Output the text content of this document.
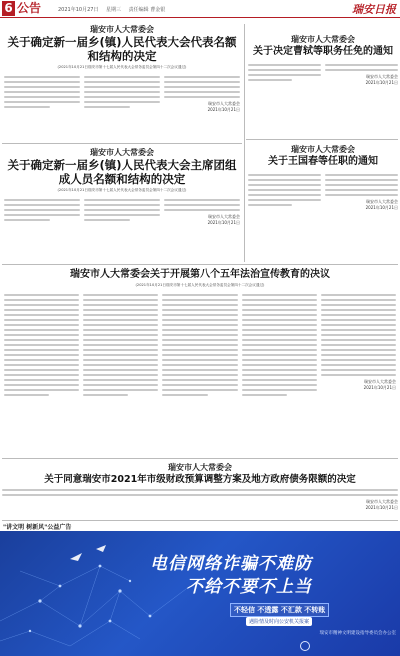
6 公告	2021年10月27日 星期三 责任编辑 曹金银	瑞安日报
瑞安市人大常委会
关于确定新一届乡(镇)人民代表大会代表名额和结构的决定
(2021年10月21日瑞安市第十七届人民代表大会常务委员会第四十二次会议通过)
瑞安市人大常委会
2021年10月21日
瑞安市人大常委会
关于决定曹轼等职务任免的通知
瑞安市人大常委会
2021年10月21日
瑞安市人大常委会
关于确定新一届乡(镇)人民代表大会主席团组成人员名额和结构的决定
(2021年10月21日瑞安市第十七届人民代表大会常务委员会第四十二次会议通过)
瑞安市人大常委会
2021年10月21日
瑞安市人大常委会
关于王国春等任职的通知
瑞安市人大常委会
2021年10月21日
瑞安市人大常委会关于开展第八个五年法治宣传教育的决议
(2021年10月21日瑞安市第十七届人民代表大会常务委员会第四十二次会议通过)
瑞安市人大常委会
2021年10月21日
瑞安市人大常委会
关于同意瑞安市2021年市级财政预算调整方案及地方政府债务限额的决定
瑞安市人大常委会
2021年10月21日
"讲文明 树新风"公益广告
电信网络诈骗不难防
不给不要不上当
不轻信 不透露 不汇款 不转账
遇险情及时向公安机关报案
瑞安市精神文明建设指导委员会办公室
